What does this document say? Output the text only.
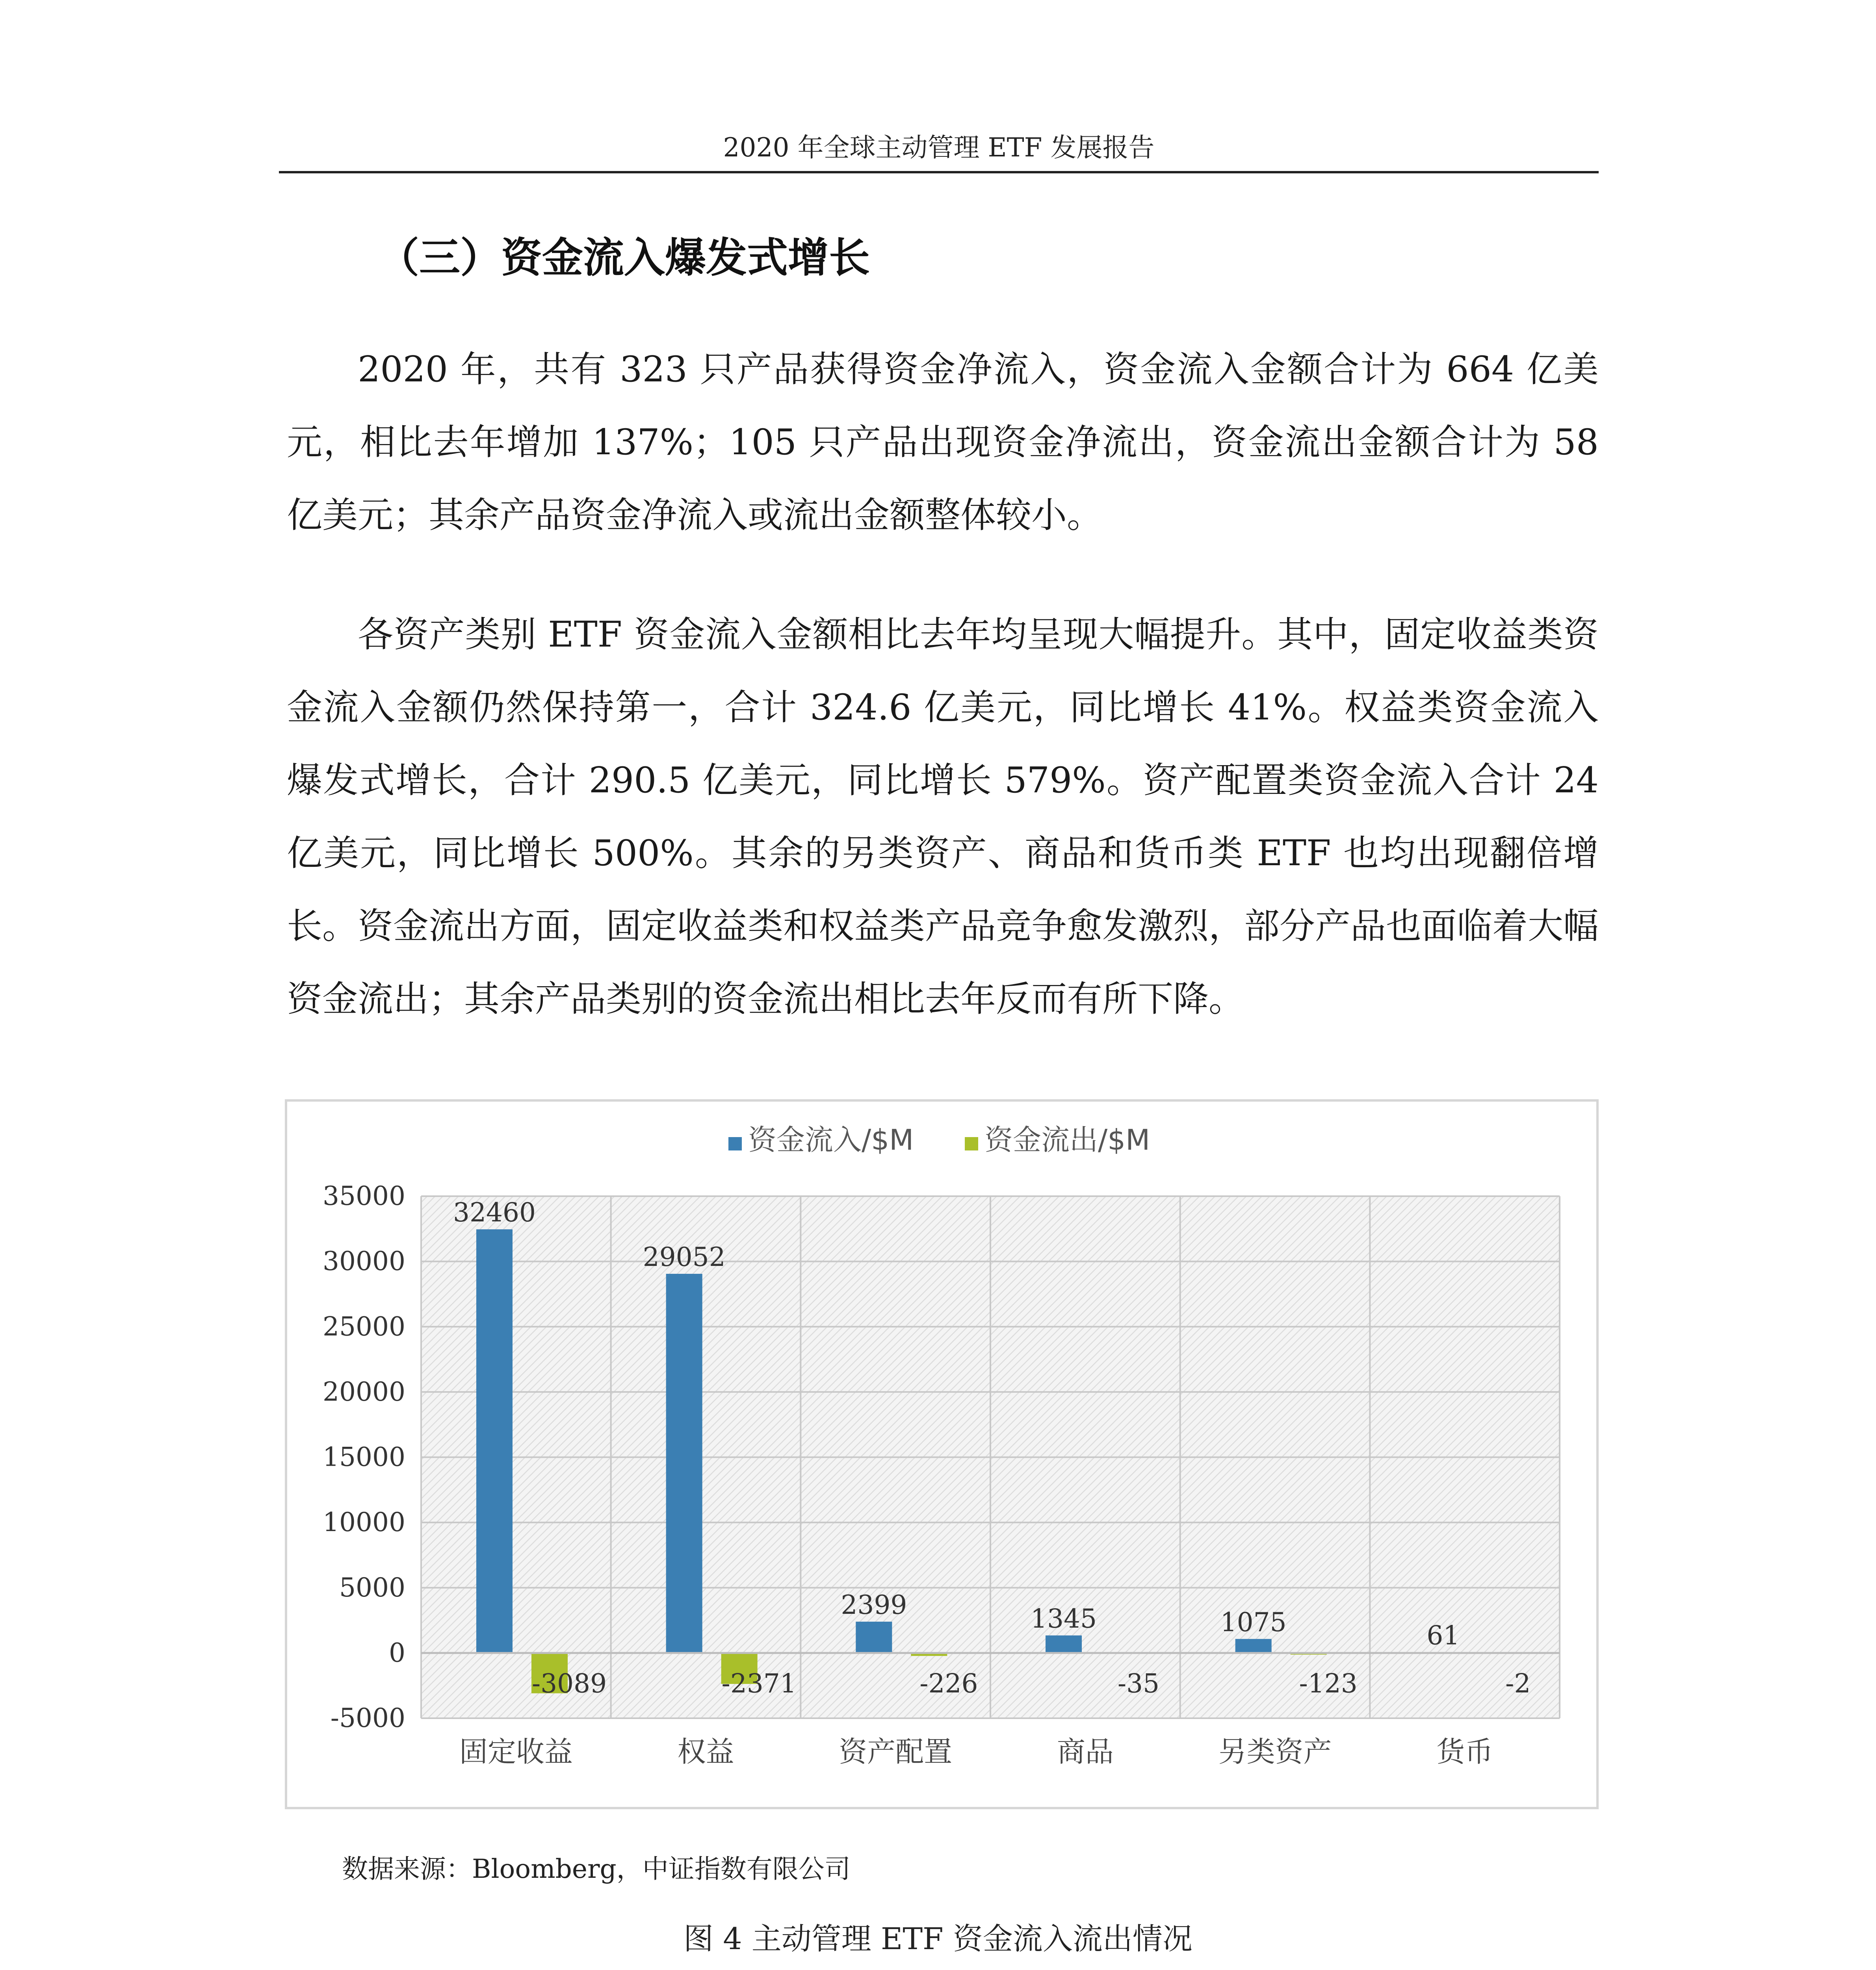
2020 年全球主动管理 ETF 发展报告
（三）资金流入爆发式增长
2020 年，共有 323 只产品获得资金净流入，资金流入金额合计为 664 亿美元，相比去年增加 137%；105 只产品出现资金净流出，资金流出金额合计为 58 亿美元；其余产品资金净流入或流出金额整体较小。
各资产类别 ETF 资金流入金额相比去年均呈现大幅提升。其中，固定收益类资金流入金额仍然保持第一，合计 324.6 亿美元，同比增长 41%。权益类资金流入爆发式增长，合计 290.5 亿美元，同比增长 579%。资产配置类资金流入合计 24 亿美元，同比增长 500%。其余的另类资产、商品和货币类 ETF 也均出现翻倍增长。资金流出方面，固定收益类和权益类产品竞争愈发激烈，部分产品也面临着大幅资金流出；其余产品类别的资金流出相比去年反而有所下降。
-5000
0
5000
10000
15000
20000
25000
30000
35000
32460
-3089
固定收益
29052
-2371
权益
2399
-226
资产配置
1345
-35
商品
1075
-123
另类资产
61
-2
货币
资金流入/$M 资金流出/$M
数据来源：Bloomberg，中证指数有限公司
图 4 主动管理 ETF 资金流入流出情况
